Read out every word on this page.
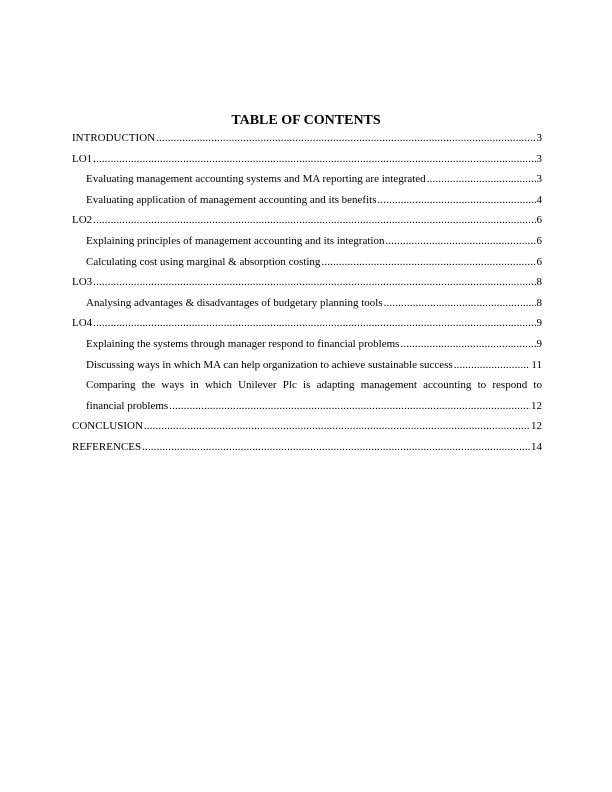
TABLE OF CONTENTS
INTRODUCTION .....	3
LO1 .....	3
Evaluating management accounting systems and MA reporting are integrated .....	3
Evaluating application of management accounting and its benefits .....	4
LO2 .....	6
Explaining principles of management accounting and its integration .....	6
Calculating cost using marginal & absorption costing .....	6
LO3 .....	8
Analysing advantages & disadvantages of budgetary planning tools .....	8
LO4 .....	9
Explaining the systems through manager respond to financial problems .....	9
Discussing ways in which MA can help organization to achieve sustainable success .....	11
Comparing the ways in which Unilever Plc is adapting management accounting to respond to
financial problems .....	12
CONCLUSION .....	12
REFERENCES .....	14
